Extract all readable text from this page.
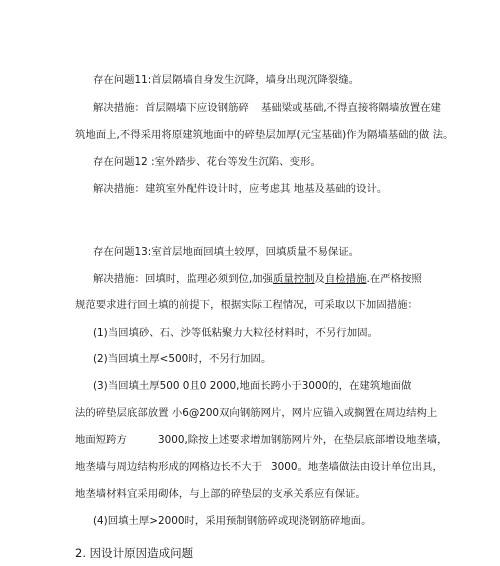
存在问题11:首层隔墙自身发生沉降，墙身出现沉降裂缝。
解决措施：首层隔墙下应设钢筋碎 基础梁或基础,不得直接将隔墙放置在建
筑地面上,不得采用将原建筑地面中的碎垫层加厚(元宝基础)作为隔墙基础的做 法。
存在问题12 :室外踏步、花台等发生沉陷、变形。
解决措施：建筑室外配件设计时，应考虑其 地基及基础的设计。
存在问题13:室首层地面回填土较厚，回填质量不易保证。
解决措施：回填时，监理必须到位,加强质量控制及自检措施.在严格按照
规范要求进行回土填的前提下，根据实际工程情况，可采取以下加固措施：
(1)当回填砂、石、沙等低粘聚力大粒径材料时，不另行加固。
(2)当回填土厚<500时，不另行加固。
(3)当回填土厚500 0且0 2000,地面长跨小于3000的，在建筑地面做
法的碎垫层底部放置 小6@200双向钢筋网片，网片应锚入或搁置在周边结构上
地面短跨方	3000,除按上述要求增加钢筋网片外，在垫层底部增设地垄墙，
地垄墙与周边结构形成的网格边长不大于 3000。地垄墙做法由设计单位出具，
地垄墙材料宜采用砌体，与上部的碎垫层的支承关系应有保证。
(4)回填土厚>2000时，采用预制钢筋碎或现浇钢筋碎地面。
2. 因设计原因造成问题
